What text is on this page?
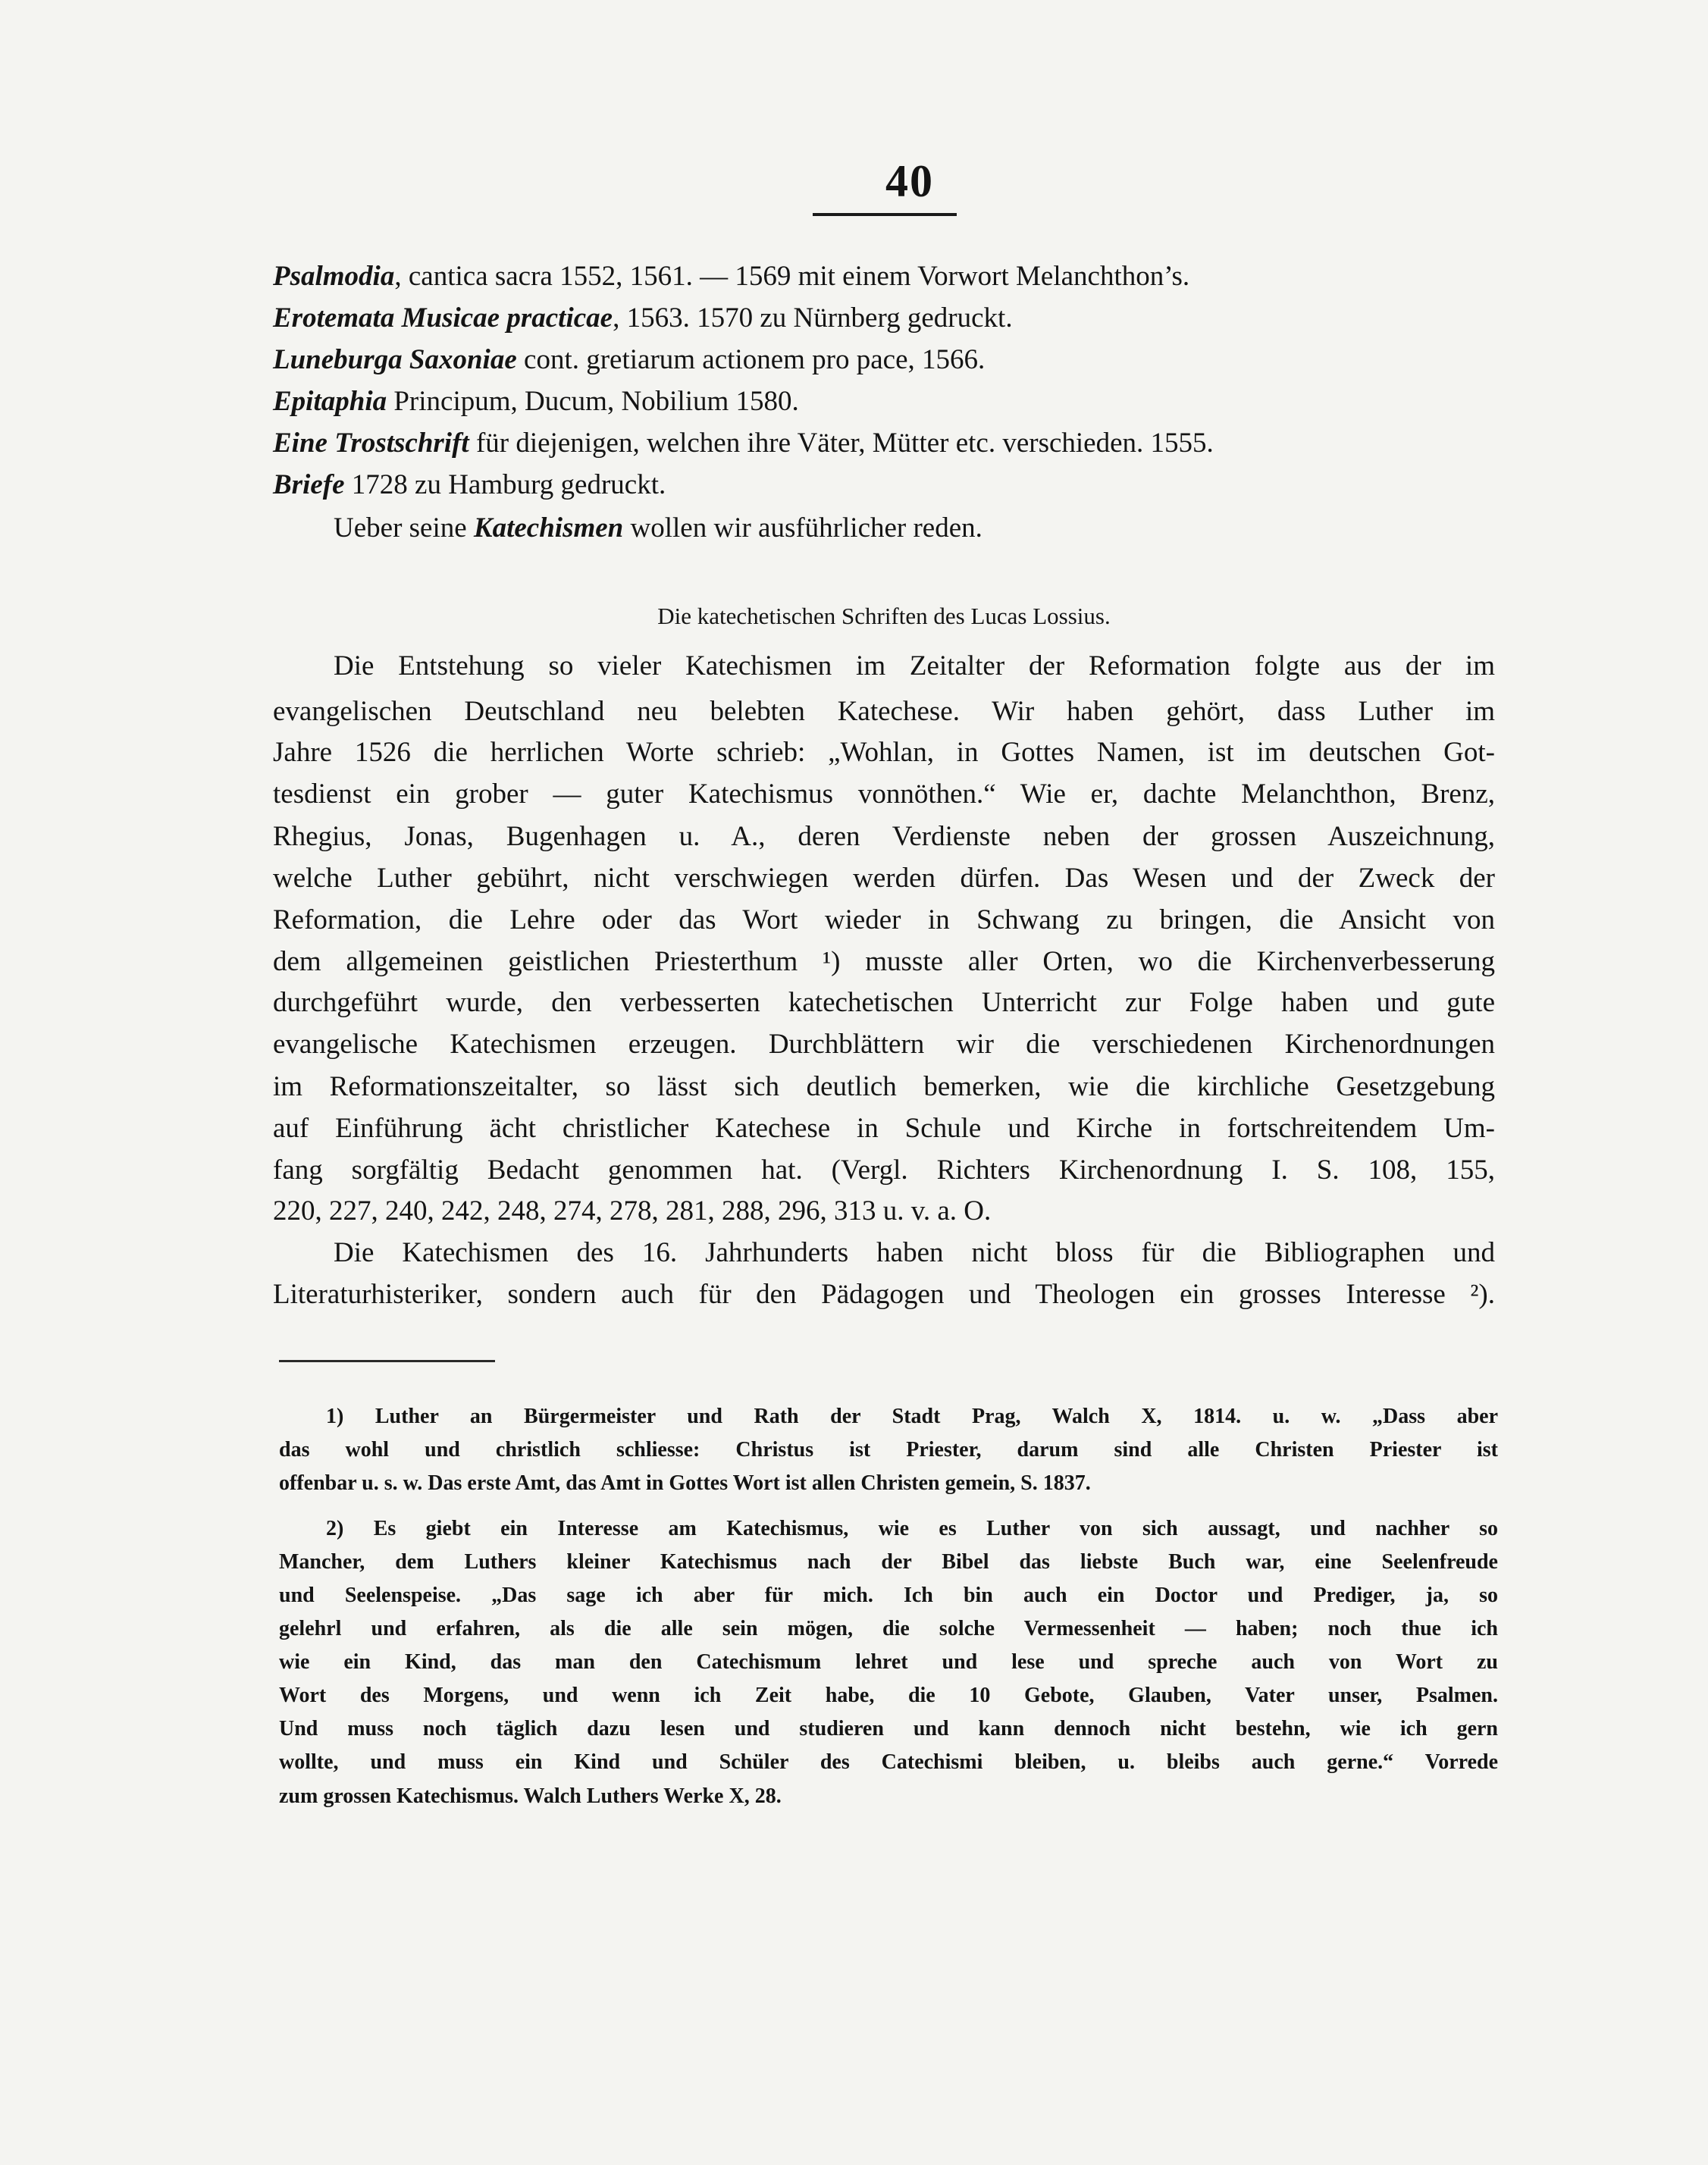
40
Psalmodia, cantica sacra 1552, 1561. — 1569 mit einem Vorwort Melanchthon’s.
Erotemata Musicae practicae, 1563. 1570 zu Nürnberg gedruckt.
Luneburga Saxoniae cont. gretiarum actionem pro pace, 1566.
Epitaphia Principum, Ducum, Nobilium 1580.
Eine Trostschrift für diejenigen, welchen ihre Väter, Mütter etc. verschieden. 1555.
Briefe 1728 zu Hamburg gedruckt.
Ueber seine Katechismen wollen wir ausführlicher reden.
Die katechetischen Schriften des Lucas Lossius.
Die Entstehung so vieler Katechismen im Zeitalter der Reformation folgte aus der im
evangelischen Deutschland neu belebten Katechese. Wir haben gehört, dass Luther im
Jahre 1526 die herrlichen Worte schrieb: „Wohlan, in Gottes Namen, ist im deutschen Got-
tesdienst ein grober — guter Katechismus vonnöthen.“ Wie er, dachte Melanchthon, Brenz,
Rhegius, Jonas, Bugenhagen u. A., deren Verdienste neben der grossen Auszeichnung,
welche Luther gebührt, nicht verschwiegen werden dürfen. Das Wesen und der Zweck der
Reformation, die Lehre oder das Wort wieder in Schwang zu bringen, die Ansicht von
dem allgemeinen geistlichen Priesterthum ¹) musste aller Orten, wo die Kirchenverbesserung
durchgeführt wurde, den verbesserten katechetischen Unterricht zur Folge haben und gute
evangelische Katechismen erzeugen. Durchblättern wir die verschiedenen Kirchenordnungen
im Reformationszeitalter, so lässt sich deutlich bemerken, wie die kirchliche Gesetzgebung
auf Einführung ächt christlicher Katechese in Schule und Kirche in fortschreitendem Um-
fang sorgfältig Bedacht genommen hat. (Vergl. Richters Kirchenordnung I. S. 108, 155,
220, 227, 240, 242, 248, 274, 278, 281, 288, 296, 313 u. v. a. O.
Die Katechismen des 16. Jahrhunderts haben nicht bloss für die Bibliographen und
Literaturhisteriker, sondern auch für den Pädagogen und Theologen ein grosses Interesse ²).
1) Luther an Bürgermeister und Rath der Stadt Prag, Walch X, 1814. u. w. „Dass aber
das wohl und christlich schliesse: Christus ist Priester, darum sind alle Christen Priester ist
offenbar u. s. w. Das erste Amt, das Amt in Gottes Wort ist allen Christen gemein, S. 1837.
2) Es giebt ein Interesse am Katechismus, wie es Luther von sich aussagt, und nachher so
Mancher, dem Luthers kleiner Katechismus nach der Bibel das liebste Buch war, eine Seelenfreude
und Seelenspeise. „Das sage ich aber für mich. Ich bin auch ein Doctor und Prediger, ja, so
gelehrl und erfahren, als die alle sein mögen, die solche Vermessenheit — haben; noch thue ich
wie ein Kind, das man den Catechismum lehret und lese und spreche auch von Wort zu
Wort des Morgens, und wenn ich Zeit habe, die 10 Gebote, Glauben, Vater unser, Psalmen.
Und muss noch täglich dazu lesen und studieren und kann dennoch nicht bestehn, wie ich gern
wollte, und muss ein Kind und Schüler des Catechismi bleiben, u. bleibs auch gerne.“ Vorrede
zum grossen Katechismus. Walch Luthers Werke X, 28.
